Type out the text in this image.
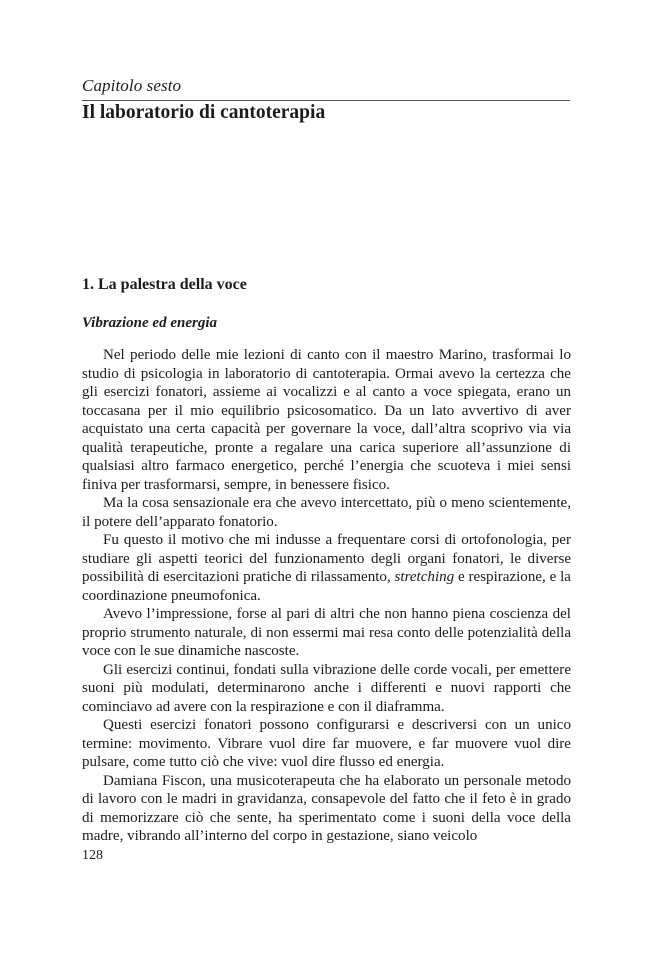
Capitolo sesto
Il laboratorio di cantoterapia
1. La palestra della voce
Vibrazione ed energia

Nel periodo delle mie lezioni di canto con il maestro Marino, trasformai lo studio di psicologia in laboratorio di cantoterapia. Ormai avevo la certezza che gli esercizi fonatori, assieme ai vocalizzi e al canto a voce spiegata, erano un toccasana per il mio equilibrio psicosomatico. Da un lato avvertivo di aver acquistato una certa capacità per governare la voce, dall’altra scoprivo via via qualità terapeutiche, pronte a regalare una carica superiore all’assunzione di qualsiasi altro farmaco energetico, perché l’energia che scuoteva i miei sensi finiva per trasformarsi, sempre, in benessere fisico.

Ma la cosa sensazionale era che avevo intercettato, più o meno scientemente, il potere dell’apparato fonatorio.

Fu questo il motivo che mi indusse a frequentare corsi di ortofonologia, per studiare gli aspetti teorici del funzionamento degli organi fonatori, le diverse possibilità di esercitazioni pratiche di rilassamento, stretching e respirazione, e la coordinazione pneumofonica.

Avevo l’impressione, forse al pari di altri che non hanno piena coscienza del proprio strumento naturale, di non essermi mai resa conto delle potenzialità della voce con le sue dinamiche nascoste.

Gli esercizi continui, fondati sulla vibrazione delle corde vocali, per emettere suoni più modulati, determinarono anche i differenti e nuovi rapporti che cominciavo ad avere con la respirazione e con il diaframma.

Questi esercizi fonatori possono configurarsi e descriversi con un unico termine: movimento. Vibrare vuol dire far muovere, e far muovere vuol dire pulsare, come tutto ciò che vive: vuol dire flusso ed energia.

Damiana Fiscon, una musicoterapeuta che ha elaborato un personale metodo di lavoro con le madri in gravidanza, consapevole del fatto che il feto è in grado di memorizzare ciò che sente, ha sperimentato come i suoni della voce della madre, vibrando all’interno del corpo in gestazione, siano veicolo

128
